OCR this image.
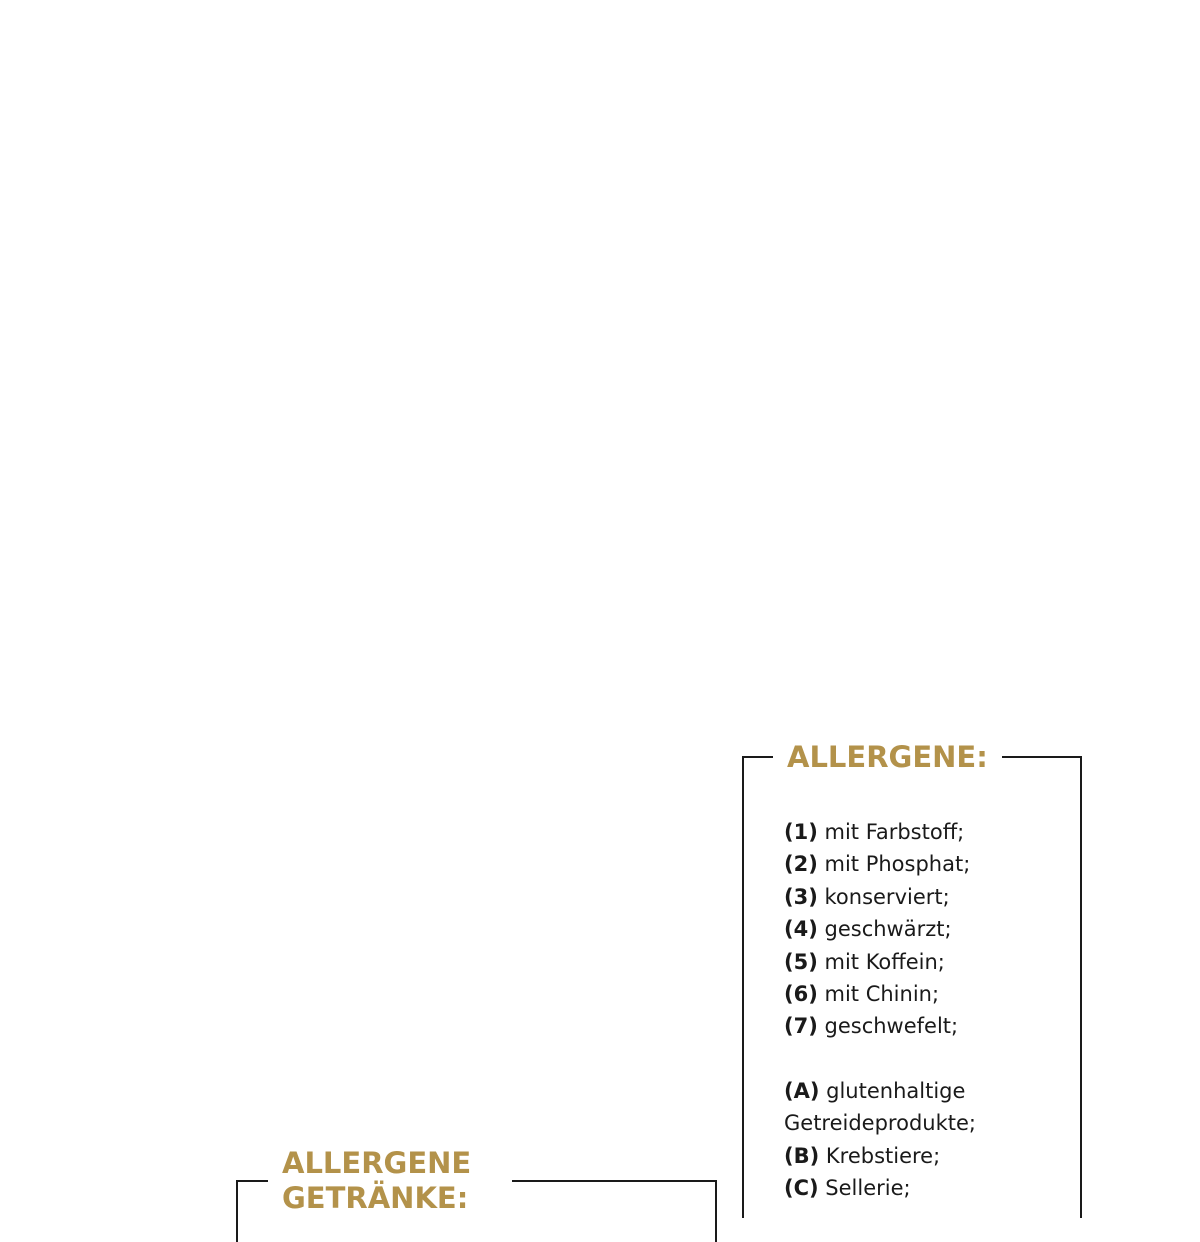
ALLERGENE:
(1) mit Farbstoff;
(2) mit Phosphat;
(3) konserviert;
(4) geschwärzt;
(5) mit Koffein;
(6) mit Chinin;
(7) geschwefelt;
(A) glutenhaltige
Getreideprodukte;
(B) Krebstiere;
(C) Sellerie;
ALLERGENE GETRÄNKE:
